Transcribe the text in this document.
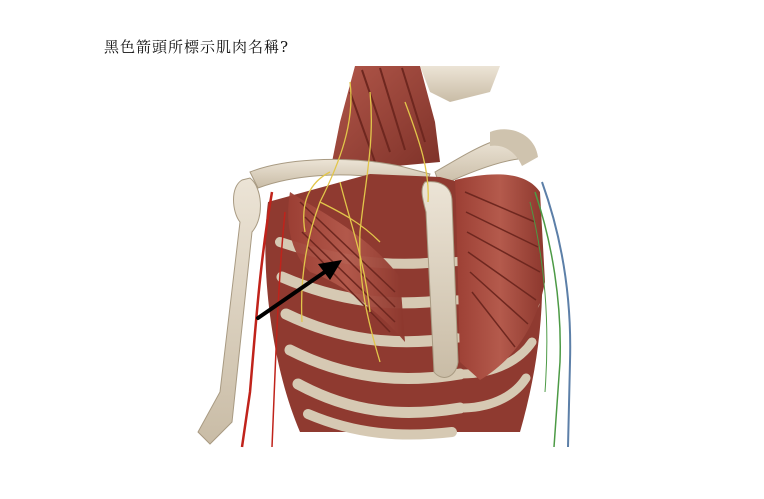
黑色箭頭所標示肌肉名稱?
